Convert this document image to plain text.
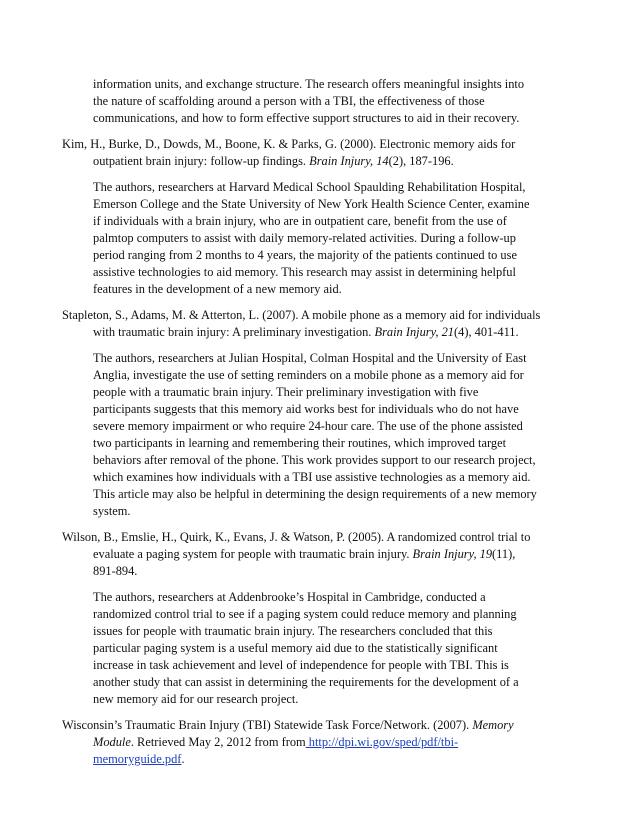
information units, and exchange structure. The research offers meaningful insights into
the nature of scaffolding around a person with a TBI, the effectiveness of those
communications, and how to form effective support structures to aid in their recovery.
Kim, H., Burke, D., Dowds, M., Boone, K. & Parks, G. (2000). Electronic memory aids for
outpatient brain injury: follow-up findings. Brain Injury, 14(2), 187-196.
The authors, researchers at Harvard Medical School Spaulding Rehabilitation Hospital,
Emerson College and the State University of New York Health Science Center, examine
if individuals with a brain injury, who are in outpatient care, benefit from the use of
palmtop computers to assist with daily memory-related activities. During a follow-up
period ranging from 2 months to 4 years, the majority of the patients continued to use
assistive technologies to aid memory. This research may assist in determining helpful
features in the development of a new memory aid.
Stapleton, S., Adams, M. & Atterton, L. (2007). A mobile phone as a memory aid for individuals
with traumatic brain injury: A preliminary investigation. Brain Injury, 21(4), 401-411.
The authors, researchers at Julian Hospital, Colman Hospital and the University of East
Anglia, investigate the use of setting reminders on a mobile phone as a memory aid for
people with a traumatic brain injury. Their preliminary investigation with five
participants suggests that this memory aid works best for individuals who do not have
severe memory impairment or who require 24-hour care. The use of the phone assisted
two participants in learning and remembering their routines, which improved target
behaviors after removal of the phone. This work provides support to our research project,
which examines how individuals with a TBI use assistive technologies as a memory aid.
This article may also be helpful in determining the design requirements of a new memory
system.
Wilson, B., Emslie, H., Quirk, K., Evans, J. & Watson, P. (2005). A randomized control trial to
evaluate a paging system for people with traumatic brain injury. Brain Injury, 19(11),
891-894.
The authors, researchers at Addenbrooke’s Hospital in Cambridge, conducted a
randomized control trial to see if a paging system could reduce memory and planning
issues for people with traumatic brain injury. The researchers concluded that this
particular paging system is a useful memory aid due to the statistically significant
increase in task achievement and level of independence for people with TBI. This is
another study that can assist in determining the requirements for the development of a
new memory aid for our research project.
Wisconsin’s Traumatic Brain Injury (TBI) Statewide Task Force/Network. (2007). Memory
Module. Retrieved May 2, 2012 from from http://dpi.wi.gov/sped/pdf/tbi-
memoryguide.pdf.
